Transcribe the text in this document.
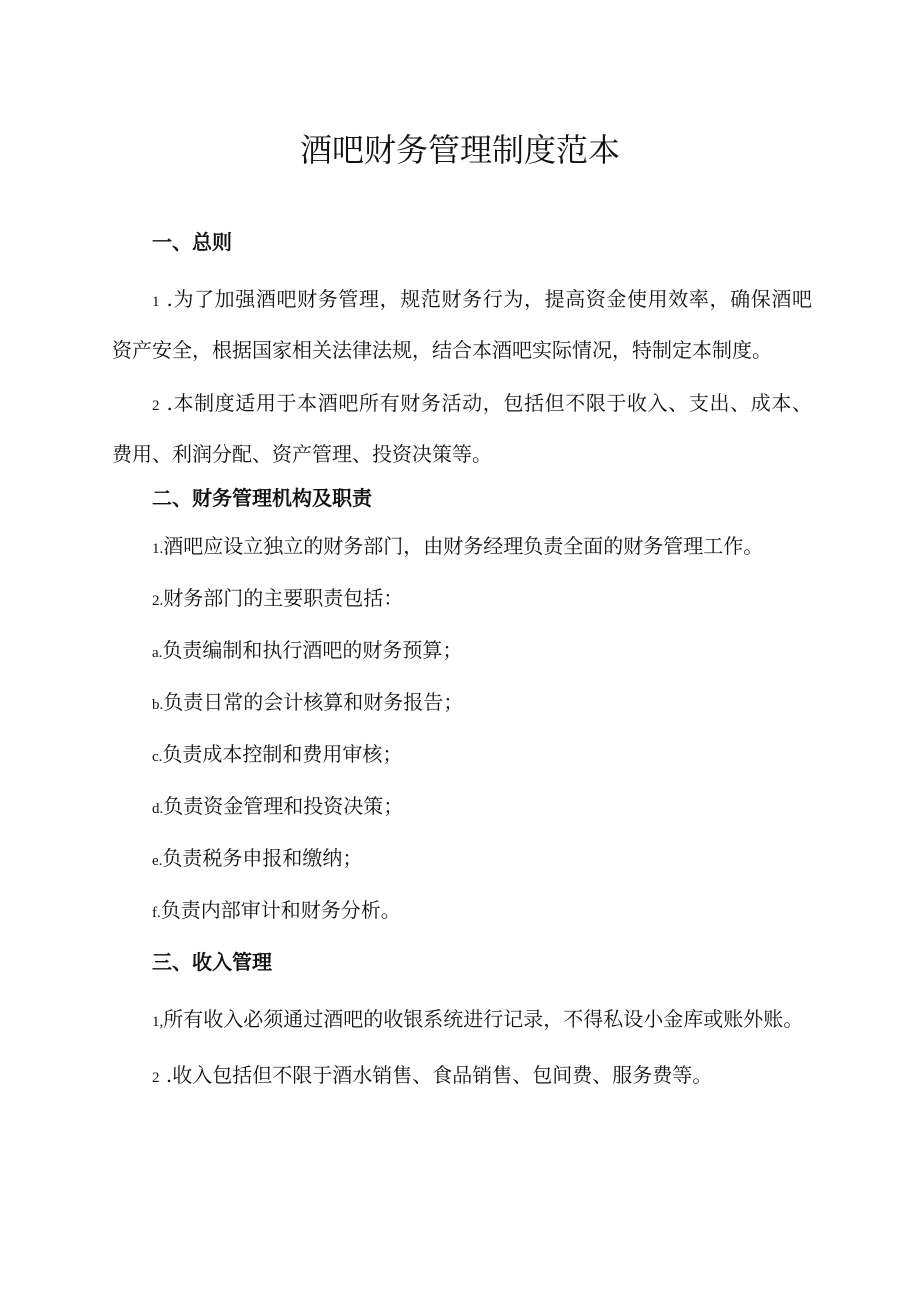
酒吧财务管理制度范本
一、总则
1 .为了加强酒吧财务管理，规范财务行为，提高资金使用效率，确保酒吧资产安全，根据国家相关法律法规，结合本酒吧实际情况，特制定本制度。
2 .本制度适用于本酒吧所有财务活动，包括但不限于收入、支出、成本、费用、利润分配、资产管理、投资决策等。
二、财务管理机构及职责
1.酒吧应设立独立的财务部门，由财务经理负责全面的财务管理工作。
2.财务部门的主要职责包括：
a.负责编制和执行酒吧的财务预算；
b.负责日常的会计核算和财务报告；
c.负责成本控制和费用审核；
d.负责资金管理和投资决策；
e.负责税务申报和缴纳；
f.负责内部审计和财务分析。
三、收入管理
1,所有收入必须通过酒吧的收银系统进行记录，不得私设小金库或账外账。
2 .收入包括但不限于酒水销售、食品销售、包间费、服务费等。
